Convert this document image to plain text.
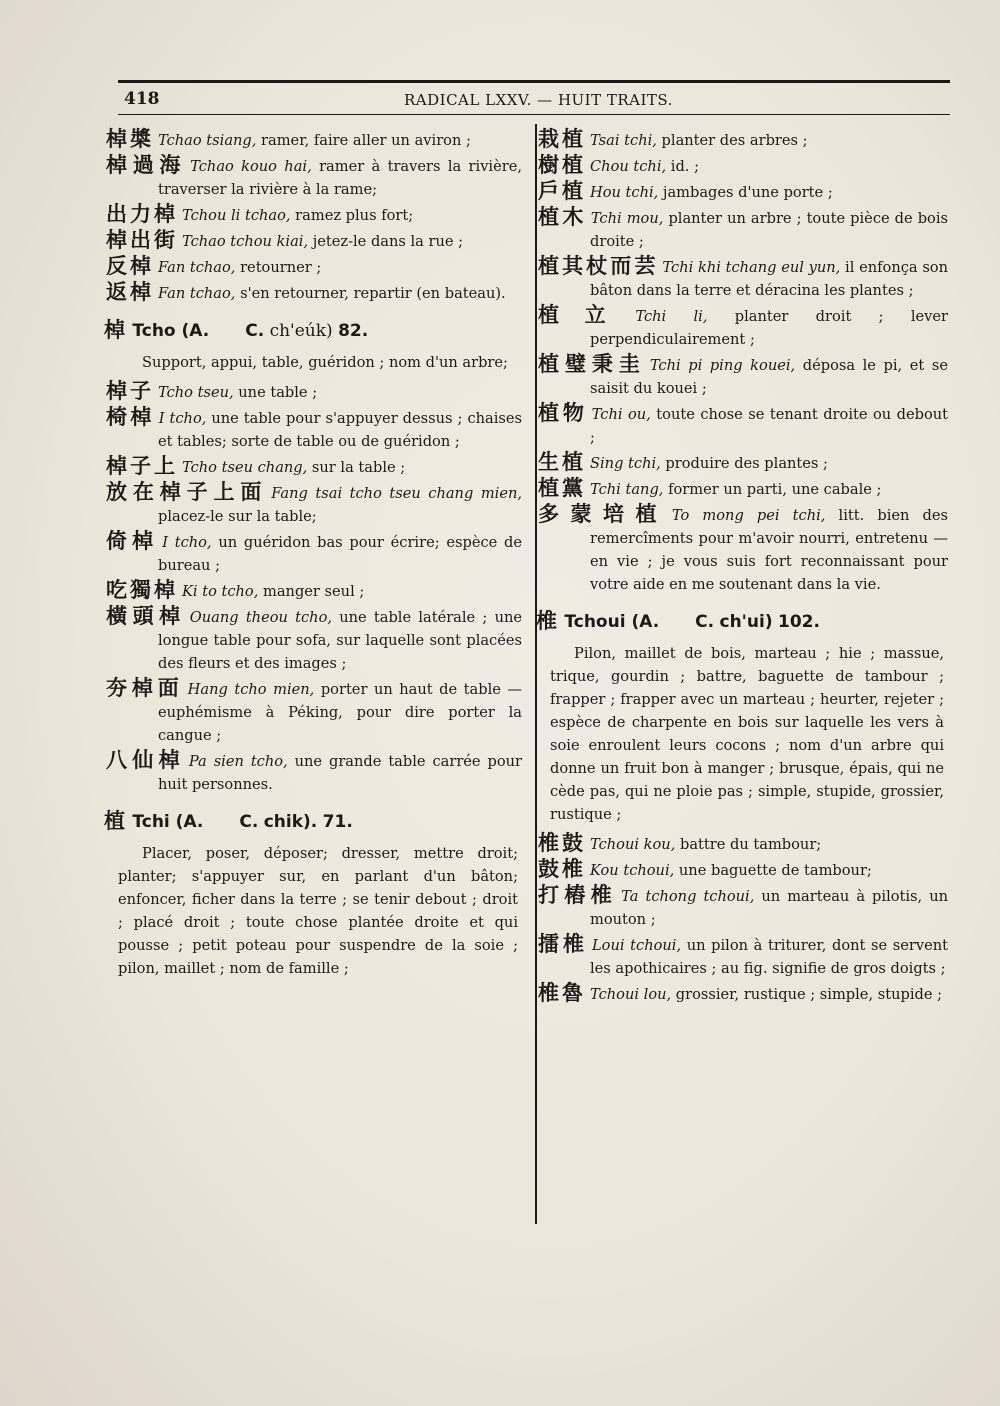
418	RADICAL LXXV. — HUIT TRAITS.

棹槳 Tchao tsiang, ramer, faire aller un aviron ;

棹過海 Tchao kouo hai, ramer à travers la rivière, traverser la rivière à la rame;

出力棹 Tchou li tchao, ramez plus fort;

棹出街 Tchao tchou kiai, jetez-le dans la rue ;

反棹 Fan tchao, retourner ;

返棹 Fan tchao, s'en retourner, repartir (en bateau).

棹 Tcho (A. C. ch'eúk) 82.

Support, appui, table, guéridon ; nom d'un arbre;

棹子 Tcho tseu, une table ;

椅棹 I tcho, une table pour s'appuyer dessus ; chaises et tables; sorte de table ou de guéridon ;

棹子上 Tcho tseu chang, sur la table ;

放在棹子上面 Fang tsai tcho tseu chang mien, placez-le sur la table;

倚棹 I tcho, un guéridon bas pour écrire; espèce de bureau ;

吃獨棹 Ki to tcho, manger seul ;

橫頭棹 Ouang theou tcho, une table latérale ; une longue table pour sofa, sur laquelle sont placées des fleurs et des images ;

夯棹面 Hang tcho mien, porter un haut de table — euphémisme à Péking, pour dire porter la cangue ;

八仙棹 Pa sien tcho, une grande table carrée pour huit personnes.

植 Tchi (A. C. chik). 71.

Placer, poser, déposer; dresser, mettre droit; planter; s'appuyer sur, en parlant d'un bâton; enfoncer, ficher dans la terre ; se tenir debout ; droit ; placé droit ; toute chose plantée droite et qui pousse ; petit poteau pour suspendre de la soie ; pilon, maillet ; nom de famille ;

栽植 Tsai tchi, planter des arbres ;

樹植 Chou tchi, id. ;

戶植 Hou tchi, jambages d'une porte ;

植木 Tchi mou, planter un arbre ; toute pièce de bois droite ;

植其杖而芸 Tchi khi tchang eul yun, il enfonça son bâton dans la terre et déracina les plantes ;

植立 Tchi li, planter droit ; lever perpendiculairement ;

植璧秉圭 Tchi pi ping kouei, déposa le pi, et se saisit du kouei ;

植物 Tchi ou, toute chose se tenant droite ou debout ;

生植 Sing tchi, produire des plantes ;

植黨 Tchi tang, former un parti, une cabale ;

多蒙培植 To mong pei tchi, litt. bien des remercîments pour m'avoir nourri, entretenu — en vie ; je vous suis fort reconnaissant pour votre aide en me soutenant dans la vie.

椎 Tchoui (A. C. ch'ui) 102.

Pilon, maillet de bois, marteau ; hie ; massue, trique, gourdin ; battre, baguette de tambour ; frapper ; frapper avec un marteau ; heurter, rejeter ; espèce de charpente en bois sur laquelle les vers à soie enroulent leurs cocons ; nom d'un arbre qui donne un fruit bon à manger ; brusque, épais, qui ne cède pas, qui ne ploie pas ; simple, stupide, grossier, rustique ;

椎鼓 Tchoui kou, battre du tambour;

鼓椎 Kou tchoui, une baguette de tambour;

打樁椎 Ta tchong tchoui, un marteau à pilotis, un mouton ;

擂椎 Loui tchoui, un pilon à triturer, dont se servent les apothicaires ; au fig. signifie de gros doigts ;

椎魯 Tchoui lou, grossier, rustique ; simple, stupide ;
